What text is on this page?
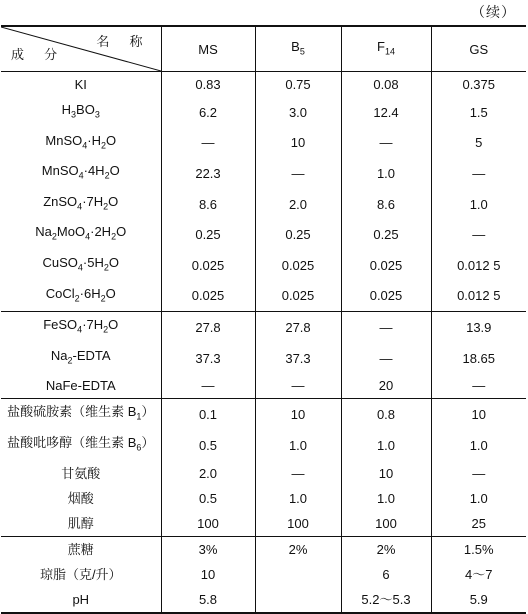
（续）
名 称
成 分	MS	$B_5$	$F_{14}$	GS
KI	0.83	0.75	0.08	0.375
$H_3BO_3$	6.2	3.0	12.4	1.5
$MnSO_4\cdot H_2O$	—	10	—	5
$MnSO_4\cdot 4H_2O$	22.3	—	1.0	—
$ZnSO_4\cdot 7H_2O$	8.6	2.0	8.6	1.0
$Na_2MoO_4\cdot 2H_2O$	0.25	0.25	0.25	—
$CuSO_4\cdot 5H_2O$	0.025	0.025	0.025	0.012 5
$CoCl_2\cdot 6H_2O$	0.025	0.025	0.025	0.012 5
$FeSO_4\cdot 7H_2O$	27.8	27.8	—	13.9
$Na_2$-EDTA	37.3	37.3	—	18.65
NaFe-EDTA	—	—	20	—
盐酸硫胺素（维生素 $B_1$）	0.1	10	0.8	10
盐酸吡哆醇（维生素 $B_6$）	0.5	1.0	1.0	1.0
甘氨酸	2.0	—	10	—
烟酸	0.5	1.0	1.0	1.0
肌醇	100	100	100	25
蔗糖	3%	2%	2%	1.5%
琼脂（克/升）	10		6	4～7
pH	5.8		5.2～5.3	5.9
